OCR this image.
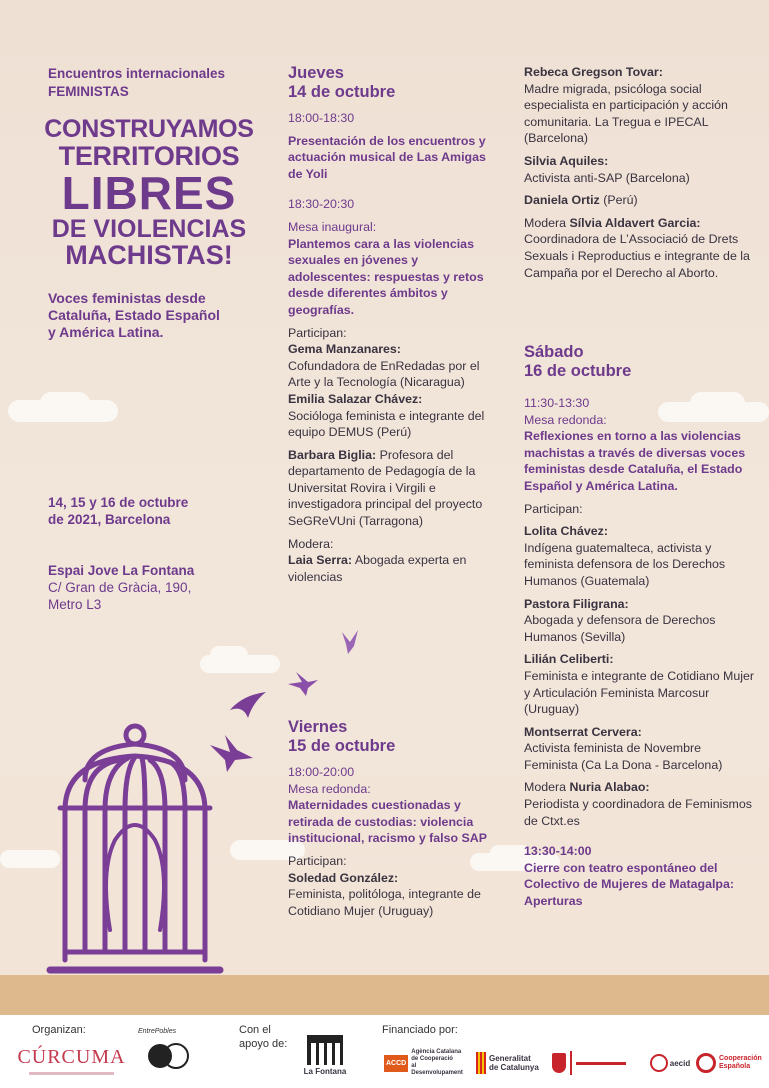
Encuentros internacionales

FEMINISTAS

CONSTRUYAMOS
TERRITORIOS
LIBRES
DE VIOLENCIAS
MACHISTAS!

Voces feministas desde

Cataluña, Estado Español

y América Latina.

14, 15 y 16 de octubre

de 2021, Barcelona

Espai Jove La Fontana

C/ Gran de Gràcia, 190,

Metro L3

Jueves

14 de octubre

18:00-18:30

Presentación de los encuentros y actuación musical de Las Amigas de Yoli

18:30-20:30

Mesa inaugural:

Plantemos cara a las violencias sexuales en jóvenes y adolescentes: respuestas y retos desde diferentes ámbitos y geografías.

Participan:

Gema Manzanares:

Cofundadora de EnRedadas por el Arte y la Tecnología (Nicaragua)

Emilia Salazar Chávez:

Socióloga feminista e integrante del equipo DEMUS (Perú)

Barbara Biglia: Profesora del departamento de Pedagogía de la Universitat Rovira i Virgili e investigadora principal del proyecto SeGReVUni (Tarragona)

Modera:

Laia Serra: Abogada experta en violencias

Viernes

15 de octubre

18:00-20:00

Mesa redonda:

Maternidades cuestionadas y retirada de custodias: violencia institucional, racismo y falso SAP

Participan:

Soledad González:

Feminista, politóloga, integrante de Cotidiano Mujer (Uruguay)

Rebeca Gregson Tovar:

Madre migrada, psicóloga social especialista en participación y acción comunitaria. La Tregua e IPECAL (Barcelona)

Silvia Aquiles:

Activista anti-SAP (Barcelona)

Daniela Ortiz (Perú)

Modera Sílvia Aldavert Garcia:

Coordinadora de L’Associació de Drets Sexuals i Reproductius e integrante de la Campaña por el Derecho al Aborto.

Sábado

16 de octubre

11:30-13:30

Mesa redonda:

Reflexiones en torno a las violencias machistas a través de diversas voces feministas desde Cataluña, el Estado Español y América Latina.

Participan:

Lolita Chávez:

Indígena guatemalteca, activista y feminista defensora de los Derechos Humanos (Guatemala)

Pastora Filigrana:

Abogada y defensora de Derechos Humanos (Sevilla)

Lilián Celiberti:

Feminista e integrante de Cotidiano Mujer y Articulación Feminista Marcosur (Uruguay)

Montserrat Cervera:

Activista feminista de Novembre Feminista (Ca La Dona - Barcelona)

Modera Nuria Alabao:

Periodista y coordinadora de Feminismos de Ctxt.es

13:30-14:00

Cierre con teatro espontáneo del Colectivo de Mujeres de Matagalpa: Aperturas

Organizan:
CÚRCUMA
EntrePobles	Con el
apoyo de:
La Fontana
Financiado por:
ACCD
Agència Catalana
de Cooperació
al Desenvolupament
Generalitat
de Catalunya	aecid	Cooperación
Española
